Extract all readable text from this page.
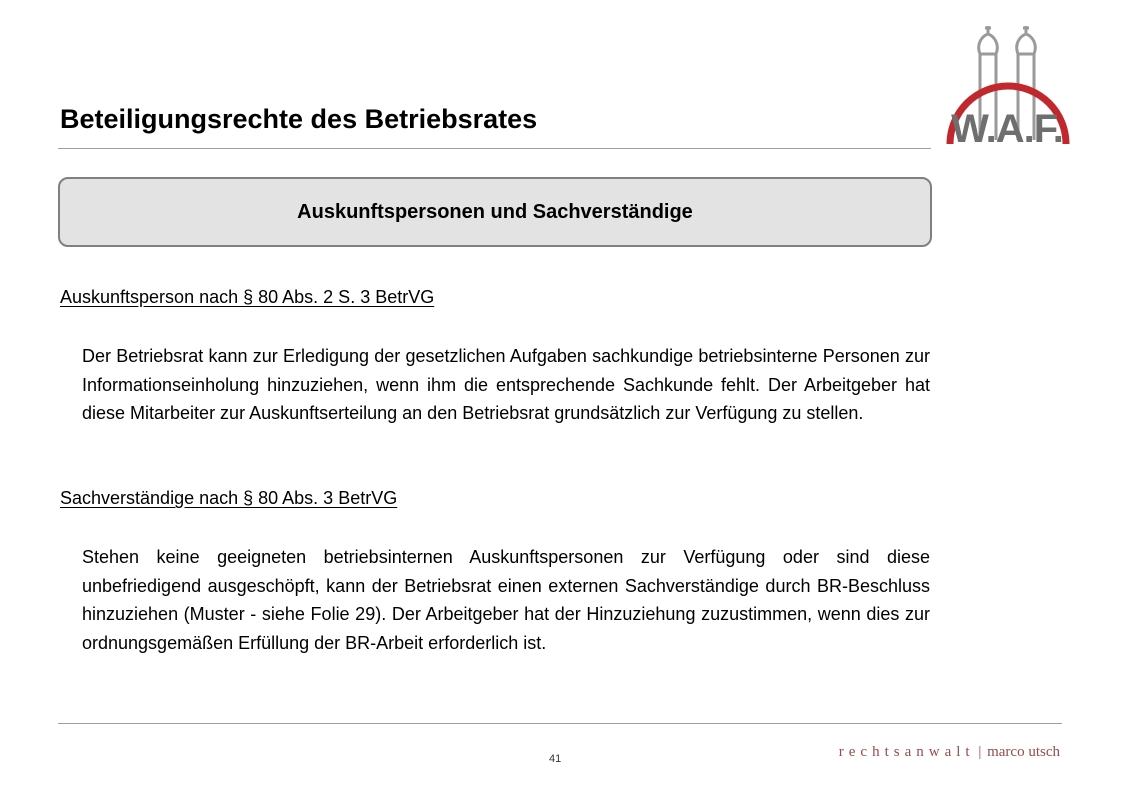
Beteiligungsrechte des Betriebsrates	W.A.F.
Auskunftspersonen und Sachverständige
Auskunftsperson nach § 80 Abs. 2 S. 3 BetrVG

Der Betriebsrat kann zur Erledigung der gesetzlichen Aufgaben sachkundige betriebsinterne Personen zur Informationseinholung hinzuziehen, wenn ihm die entsprechende Sachkunde fehlt. Der Arbeitgeber hat diese Mitarbeiter zur Auskunftserteilung an den Betriebsrat grundsätzlich zur Verfügung zu stellen.

Sachverständige nach § 80 Abs. 3 BetrVG

Stehen keine geeigneten betriebsinternen Auskunftspersonen zur Verfügung oder sind diese unbefriedigend ausgeschöpft, kann der Betriebsrat einen externen Sachverständige durch BR-Beschluss hinzuziehen (Muster - siehe Folie 29). Der Arbeitgeber hat der Hinzuziehung zuzustimmen, wenn dies zur ordnungsgemäßen Erfüllung der BR-Arbeit erforderlich ist.

41	rechtsanwalt | marco utsch
